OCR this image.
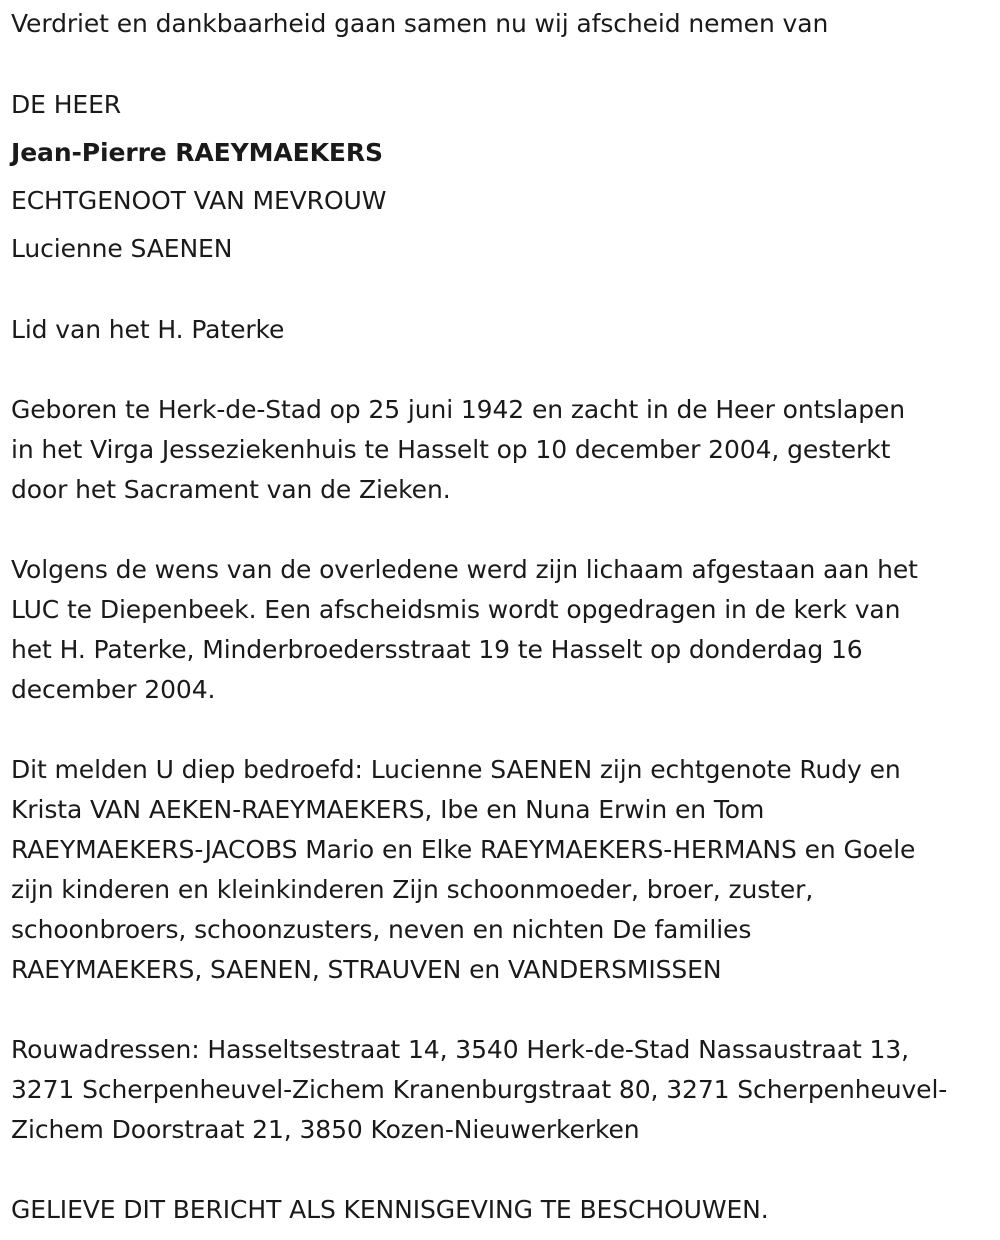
Verdriet en dankbaarheid gaan samen nu wij afscheid nemen van
DE HEER
Jean-Pierre RAEYMAEKERS
ECHTGENOOT VAN MEVROUW
Lucienne SAENEN
Lid van het H. Paterke
Geboren te Herk-de-Stad op 25 juni 1942 en zacht in de Heer ontslapen
in het Virga Jesseziekenhuis te Hasselt op 10 december 2004, gesterkt
door het Sacrament van de Zieken.
Volgens de wens van de overledene werd zijn lichaam afgestaan aan het
LUC te Diepenbeek. Een afscheidsmis wordt opgedragen in de kerk van
het H. Paterke, Minderbroedersstraat 19 te Hasselt op donderdag 16
december 2004.
Dit melden U diep bedroefd: Lucienne SAENEN zijn echtgenote Rudy en
Krista VAN AEKEN-RAEYMAEKERS, Ibe en Nuna Erwin en Tom
RAEYMAEKERS-JACOBS Mario en Elke RAEYMAEKERS-HERMANS en Goele
zijn kinderen en kleinkinderen Zijn schoonmoeder, broer, zuster,
schoonbroers, schoonzusters, neven en nichten De families
RAEYMAEKERS, SAENEN, STRAUVEN en VANDERSMISSEN
Rouwadressen: Hasseltsestraat 14, 3540 Herk-de-Stad Nassaustraat 13,
3271 Scherpenheuvel-Zichem Kranenburgstraat 80, 3271 Scherpenheuvel-
Zichem Doorstraat 21, 3850 Kozen-Nieuwerkerken
GELIEVE DIT BERICHT ALS KENNISGEVING TE BESCHOUWEN.
